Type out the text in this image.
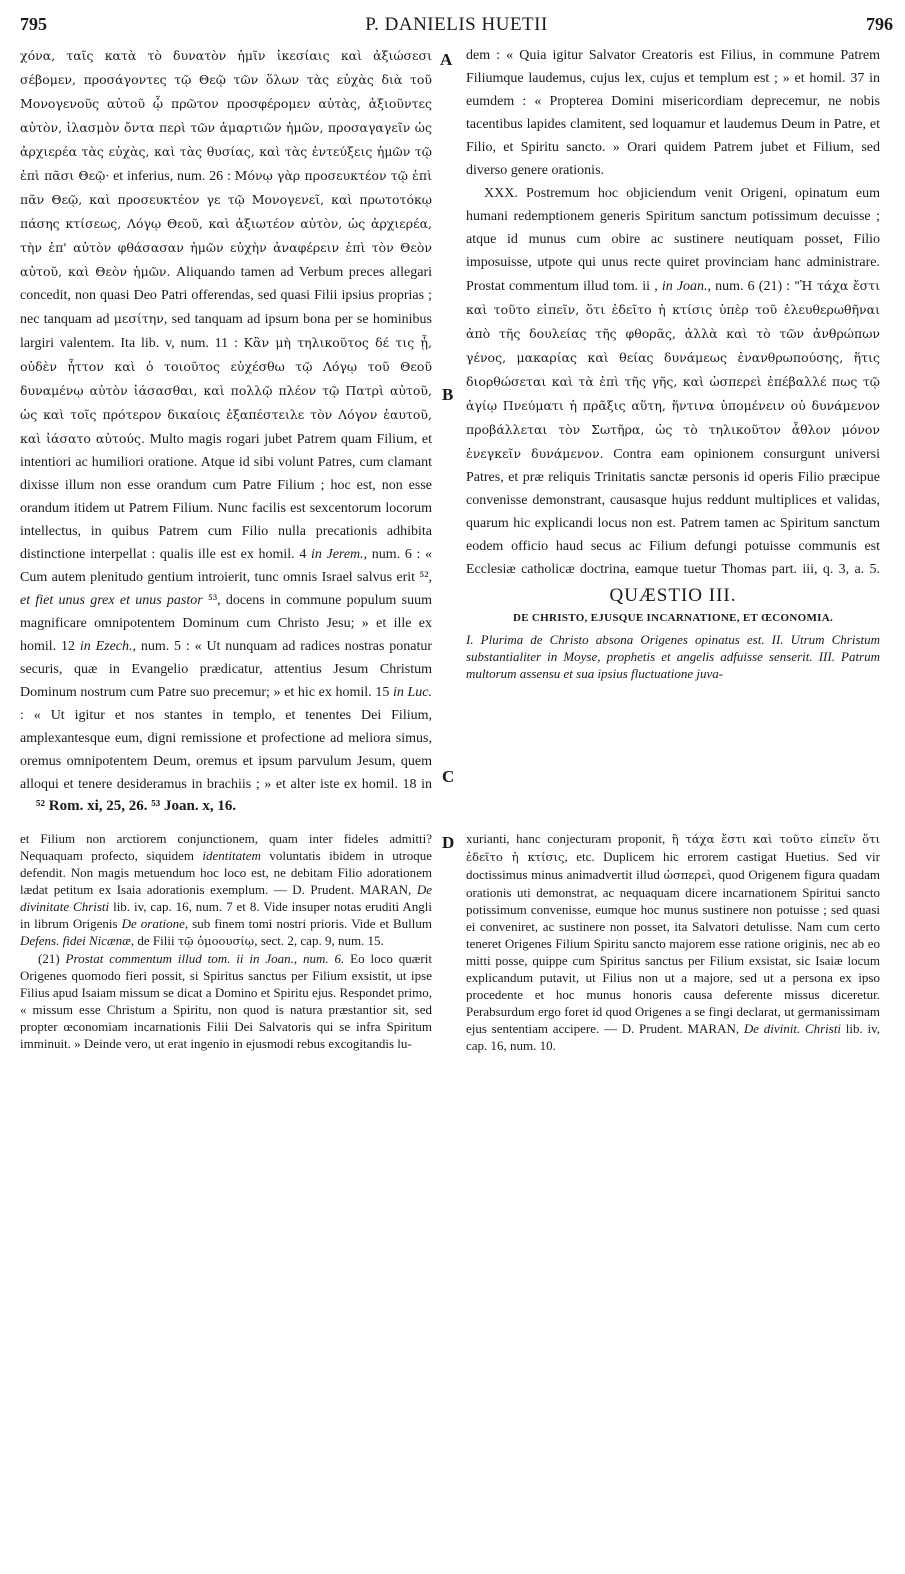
795	P. DANIELIS HUETII	796

χόνα, ταῖς κατὰ τὸ δυνατὸν ἡμῖν ἱκεσίαις καὶ ἀξιώσεσι σέβομεν, προσάγοντες τῷ Θεῷ τῶν ὅλων τὰς εὐχὰς διὰ τοῦ Μονογενοῦς αὐτοῦ ᾧ πρῶτον προσφέρομεν αὐτὰς, ἀξιοῦντες αὐτὸν, ἱλασμὸν ὄντα περὶ τῶν ἁμαρτιῶν ἡμῶν, προσαγαγεῖν ὡς ἀρχιερέα τὰς εὐχὰς, καὶ τὰς θυσίας, καὶ τὰς ἐντεύξεις ἡμῶν τῷ ἐπὶ πᾶσι Θεῷ· et inferius, num. 26 : Μόνῳ γὰρ προσευκτέον τῷ ἐπὶ πᾶν Θεῷ, καὶ προσευκτέον γε τῷ Μονογενεῖ, καὶ πρωτοτόκῳ πάσης κτίσεως, Λόγῳ Θεοῦ, καὶ ἀξιωτέον αὐτὸν, ὡς ἀρχιερέα, τὴν ἐπ' αὐτὸν φθάσασαν ἡμῶν εὐχὴν ἀναφέρειν ἐπὶ τὸν Θεὸν αὐτοῦ, καὶ Θεὸν ἡμῶν. Aliquando tamen ad Verbum preces allegari concedit, non quasi Deo Patri offerendas, sed quasi Filii ipsius proprias ; nec tanquam ad μεσίτην, sed tanquam ad ipsum bona per se hominibus largiri valentem. Ita lib. v, num. 11 : Κἂν μὴ τηλικοῦτος δέ τις ᾖ, οὐδὲν ἧττον καὶ ὁ τοιοῦτος εὐχέσθω τῷ Λόγῳ τοῦ Θεοῦ δυναμένῳ αὐτὸν ἰάσασθαι, καὶ πολλῷ πλέον τῷ Πατρὶ αὐτοῦ, ὡς καὶ τοῖς πρότερον δικαίοις ἐξαπέστειλε τὸν Λόγον ἑαυτοῦ, καὶ ἰάσατο αὐτούς. Multo magis rogari jubet Patrem quam Filium, et intentiori ac humiliori oratione. Atque id sibi volunt Patres, cum clamant dixisse illum non esse orandum cum Patre Filium ; hoc est, non esse orandum itidem ut Patrem Filium. Nunc facilis est sexcentorum locorum intellectus, in quibus Patrem cum Filio nulla precationis adhibita distinctione interpellat : qualis ille est ex homil. 4 in Jerem., num. 6 : « Cum autem plenitudo gentium introierit, tunc omnis Israel salvus erit ⁵², et fiet unus grex et unus pastor ⁵³, docens in commune populum suum magnificare omnipotentem Dominum cum Christo Jesu; » et ille ex homil. 12 in Ezech., num. 5 : « Ut nunquam ad radices nostras ponatur securis, quæ in Evangelio prædicatur, attentius Jesum Christum Dominum nostrum cum Patre suo precemur; » et hic ex homil. 15 in Luc. : « Ut igitur et nos stantes in templo, et tenentes Dei Filium, amplexantesque eum, digni remissione et profectione ad meliora simus, oremus omnipotentem Deum, oremus et ipsum parvulum Jesum, quem alloqui et tenere desideramus in brachiis ; » et alter iste ex homil. 18 in

dem : « Quia igitur Salvator Creatoris est Filius, in commune Patrem Filiumque laudemus, cujus lex, cujus et templum est ; » et homil. 37 in eumdem : « Propterea Domini misericordiam deprecemur, ne nobis tacentibus lapides clamitent, sed loquamur et laudemus Deum in Patre, et Filio, et Spiritu sancto. » Orari quidem Patrem jubet et Filium, sed diverso genere orationis.

XXX. Postremum hoc objiciendum venit Origeni, opinatum eum humani redemptionem generis Spiritum sanctum potissimum decuisse ; atque id munus cum obire ac sustinere neutiquam posset, Filio imposuisse, utpote qui unus recte quiret provinciam hanc administrare. Prostat commentum illud tom. ii , in Joan., num. 6 (21) : "Ἡ τάχα ἔστι καὶ τοῦτο εἰπεῖν, ὅτι ἐδεῖτο ἡ κτίσις ὑπὲρ τοῦ ἐλευθερωθῆναι ἀπὸ τῆς δουλείας τῆς φθορᾶς, ἀλλὰ καὶ τὸ τῶν ἀνθρώπων γένος, μακαρίας καὶ θείας δυνάμεως ἐνανθρωπούσης, ἥτις διορθώσεται καὶ τὰ ἐπὶ τῆς γῆς, καὶ ὡσπερεὶ ἐπέβαλλέ πως τῷ ἁγίῳ Πνεύματι ἡ πρᾶξις αὕτη, ἥντινα ὑπομένειν οὐ δυνάμενον προβάλλεται τὸν Σωτῆρα, ὡς τὸ τηλικοῦτον ἆθλον μόνον ἐνεγκεῖν δυνάμενον. Contra eam opinionem consurgunt universi Patres, et præ reliquis Trinitatis sanctæ personis id operis Filio præcipue convenisse demonstrant, causasque hujus reddunt multiplices et validas, quarum hic explicandi locus non est. Patrem tamen ac Spiritum sanctum eodem officio haud secus ac Filium defungi potuisse communis est Ecclesiæ catholicæ doctrina, eamque tuetur Thomas part. iii, q. 3, a. 5.

QUÆSTIO III.
DE CHRISTO, EJUSQUE INCARNATIONE, ET ŒCONOMIA.
I. Plurima de Christo absona Origenes opinatus est. II. Utrum Christum substantialiter in Moyse, prophetis et angelis adfuisse senserit. III. Patrum multorum assensu et sua ipsius fluctuatione juva-
⁵² Rom. xi, 25, 26. ⁵³ Joan. x, 16.

et Filium non arctiorem conjunctionem, quam inter fideles admitti? Nequaquam profecto, siquidem identitatem voluntatis ibidem in utroque defendit. Non magis metuendum hoc loco est, ne debitam Filio adorationem lædat petitum ex Isaia adorationis exemplum. — D. Prudent. MARAN, De divinitate Christi lib. iv, cap. 16, num. 7 et 8. Vide insuper notas eruditi Angli in librum Origenis De oratione, sub finem tomi nostri prioris. Vide et Bullum Defens. fidei Nicænæ, de Filii τῷ ὁμοουσίῳ, sect. 2, cap. 9, num. 15.

(21) Prostat commentum illud tom. ii in Joan., num. 6. Eo loco quærit Origenes quomodo fieri possit, si Spiritus sanctus per Filium exsistit, ut ipse Filius apud Isaiam missum se dicat a Domino et Spiritu ejus. Respondet primo, « missum esse Christum a Spiritu, non quod is natura præstantior sit, sed propter œconomiam incarnationis Filii Dei Salvatoris qui se infra Spiritum imminuit. » Deinde vero, ut erat ingenio in ejusmodi rebus excogitandis lu-

xurianti, hanc conjecturam proponit, ἢ τάχα ἔστι καὶ τοῦτο εἰπεῖν ὅτι ἐδεῖτο ἡ κτίσις, etc. Duplicem hic errorem castigat Huetius. Sed vir doctissimus minus animadvertit illud ὡσπερεὶ, quod Origenem figura quadam orationis uti demonstrat, ac nequaquam dicere incarnationem Spiritui sancto potissimum convenisse, eumque hoc munus sustinere non potuisse ; sed quasi ei conveniret, ac sustinere non posset, ita Salvatori detulisse. Nam cum certo teneret Origenes Filium Spiritu sancto majorem esse ratione originis, nec ab eo mitti posse, quippe cum Spiritus sanctus per Filium exsistat, sic Isaiæ locum explicandum putavit, ut Filius non ut a majore, sed ut a persona ex ipso procedente et hoc munus honoris causa deferente missus diceretur. Perabsurdum ergo foret id quod Origenes a se fingi declarat, ut germanissimam ejus sententiam accipere. — D. Prudent. MARAN, De divinit. Christi lib. iv, cap. 16, num. 10.

A
B
C
D
